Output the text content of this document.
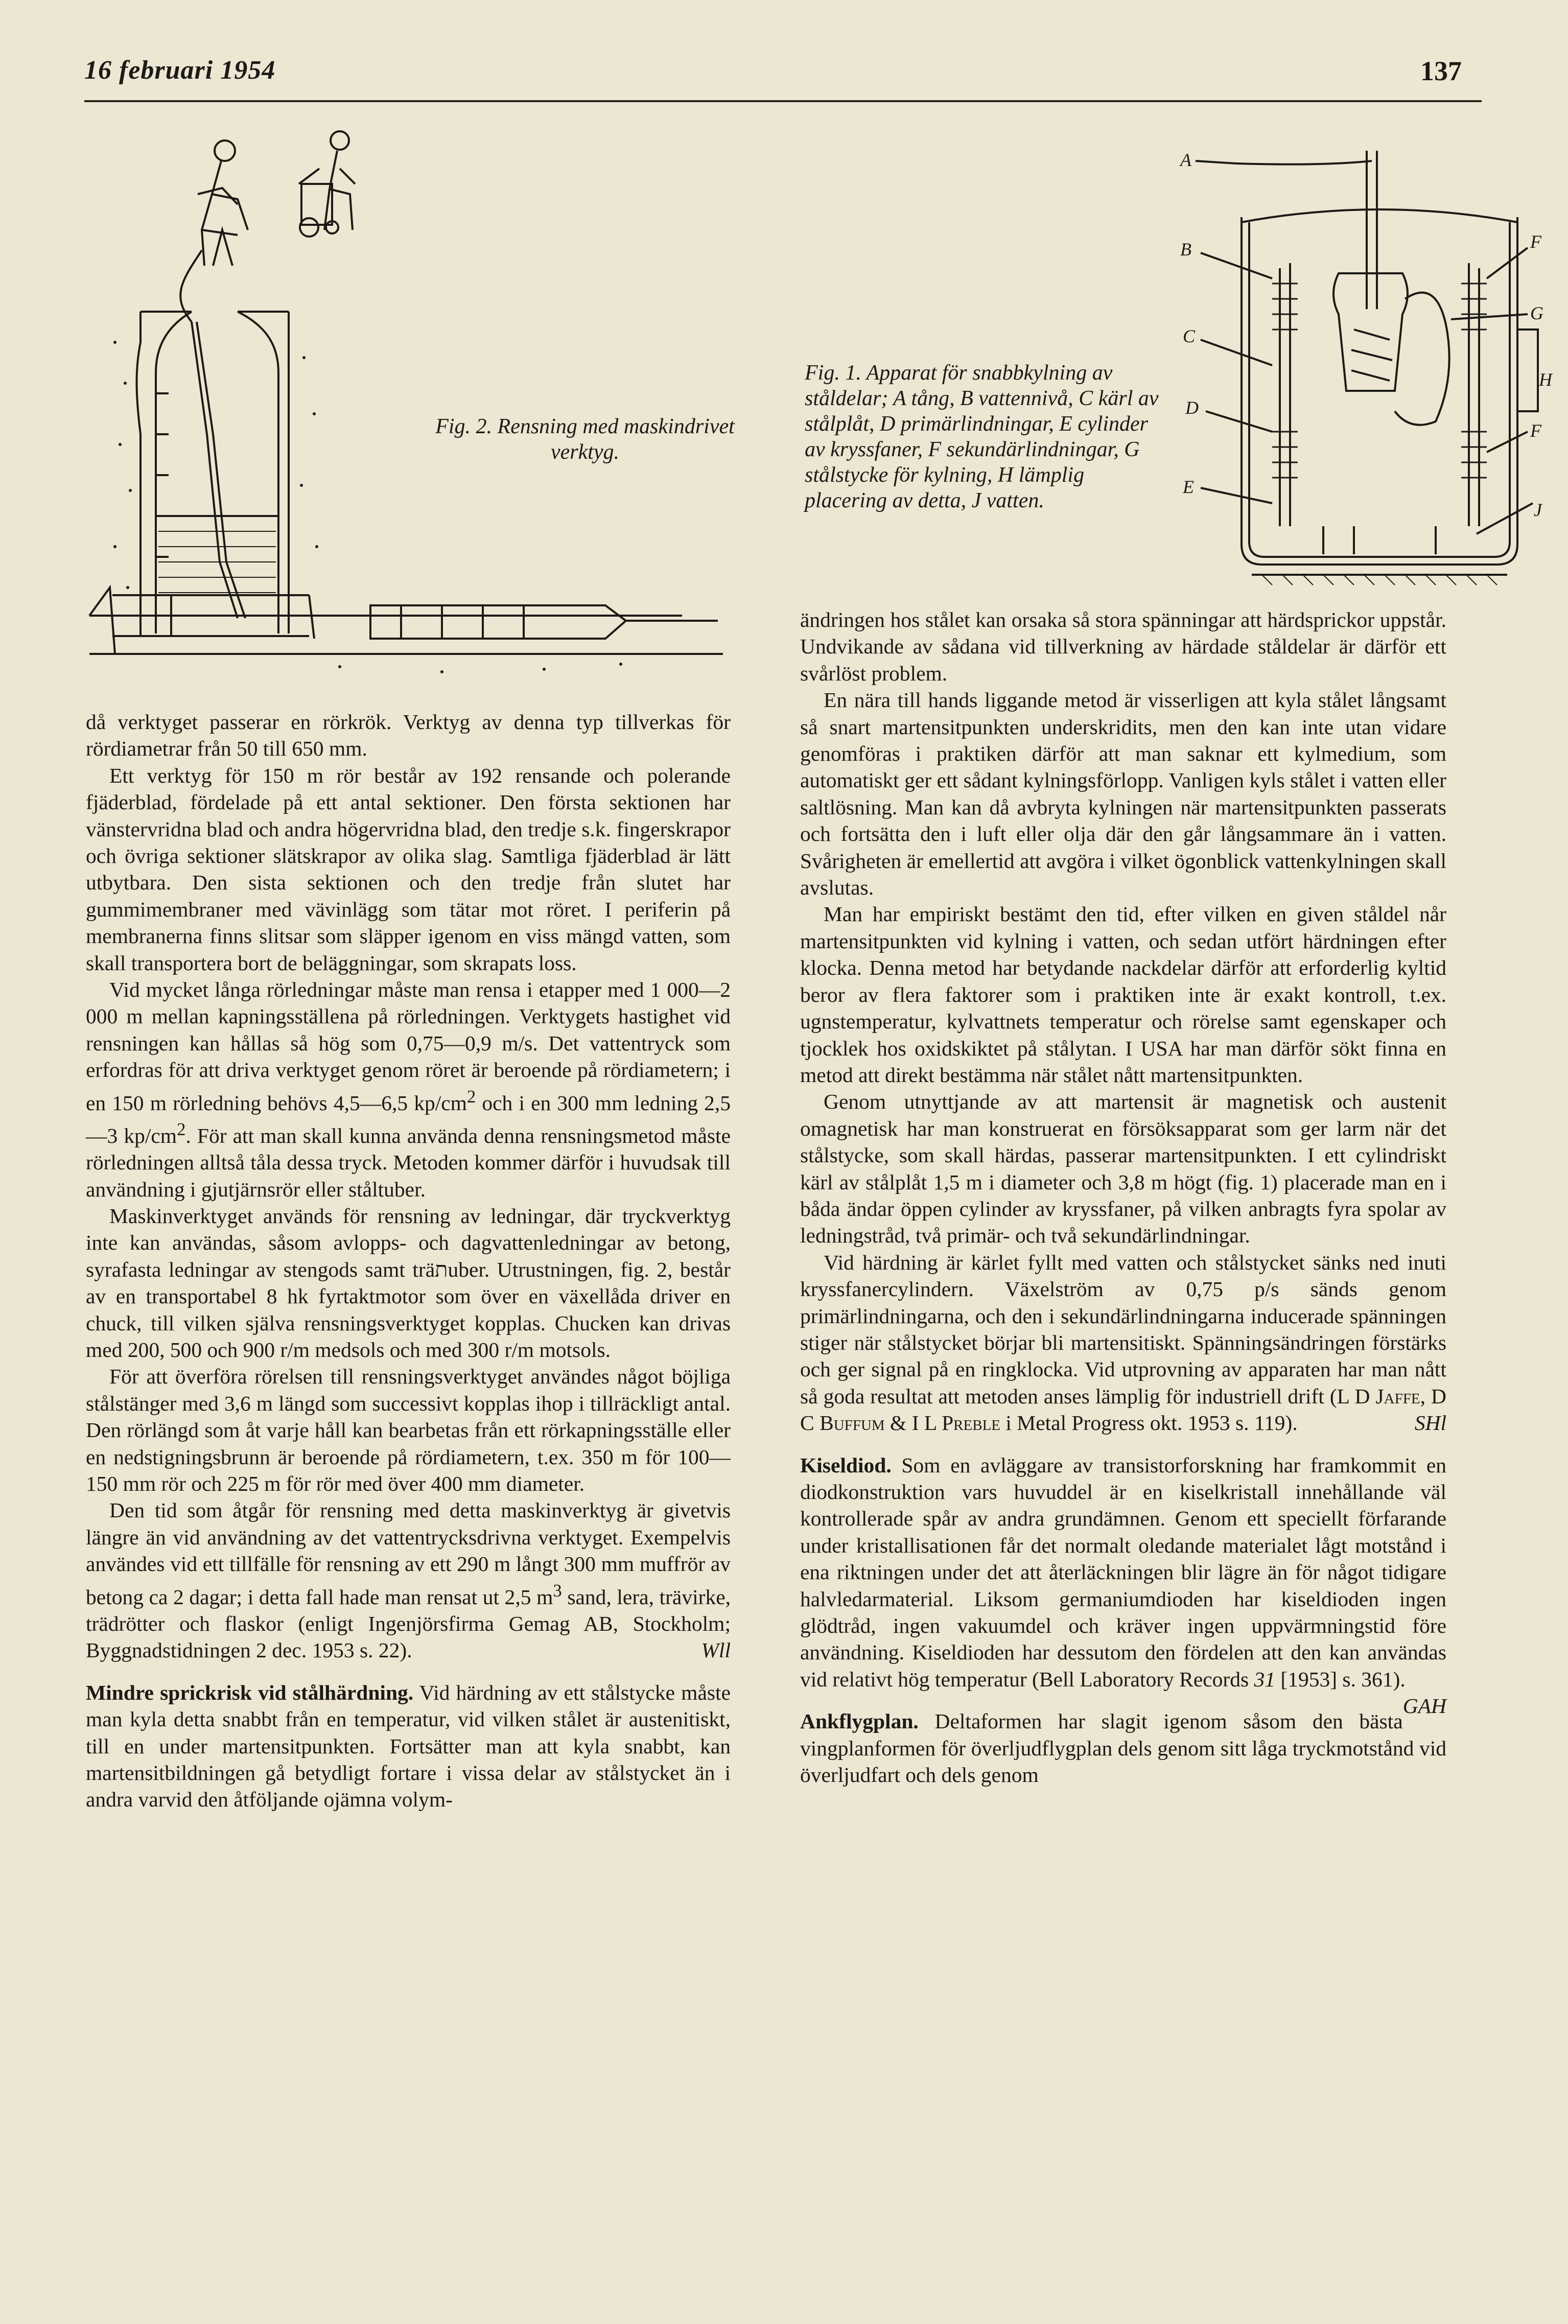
16 februari 1954	137
Fig. 2. Rensning med maskindrivet verktyg.
A
B
C
D
E
F
G
H
F
J
Fig. 1. Apparat för snabbkylning av ståldelar; A tång, B vattennivå, C kärl av stålplåt, D primärlindningar, E cylinder av kryssfaner, F sekundärlindningar, G stålstycke för kylning, H lämplig placering av detta, J vatten.

då verktyget passerar en rörkrök. Verktyg av denna typ tillverkas för rördiametrar från 50 till 650 mm.

Ett verktyg för 150 m rör består av 192 rensande och polerande fjäderblad, fördelade på ett antal sektioner. Den första sektionen har vänstervridna blad och andra högervridna blad, den tredje s.k. fingerskrapor och övriga sektioner slätskrapor av olika slag. Samtliga fjäderblad är lätt utbytbara. Den sista sektionen och den tredje från slutet har gummimembraner med vävinlägg som tätar mot röret. I periferin på membranerna finns slitsar som släpper igenom en viss mängd vatten, som skall transportera bort de beläggningar, som skrapats loss.

Vid mycket långa rörledningar måste man rensa i etapper med 1 000—2 000 m mellan kapningsställena på rörledningen. Verktygets hastighet vid rensningen kan hållas så hög som 0,75—0,9 m/s. Det vattentryck som erfordras för att driva verktyget genom röret är beroende på rördiametern; i en 150 m rörledning behövs 4,5—6,5 $kp/cm^2$ och i en 300 mm ledning 2,5—3 $kp/cm^2$. För att man skall kunna använda denna rensningsmetod måste rörledningen alltså tåla dessa tryck. Metoden kommer därför i huvudsak till användning i gjutjärnsrör eller ståltuber.

Maskinverktyget används för rensning av ledningar, där tryckverktyg inte kan användas, såsom avlopps- och dagvattenledningar av betong, syrafasta ledningar av stengods samt träתuber. Utrustningen, fig. 2, består av en transportabel 8 hk fyrtaktmotor som över en växellåda driver en chuck, till vilken själva rensningsverktyget kopplas. Chucken kan drivas med 200, 500 och 900 r/m medsols och med 300 r/m motsols.

För att överföra rörelsen till rensningsverktyget användes något böjliga stålstänger med 3,6 m längd som successivt kopplas ihop i tillräckligt antal. Den rörlängd som åt varje håll kan bearbetas från ett rörkapningsställe eller en nedstigningsbrunn är beroende på rördiametern, t.ex. 350 m för 100—150 mm rör och 225 m för rör med över 400 mm diameter.

Den tid som åtgår för rensning med detta maskinverktyg är givetvis längre än vid användning av det vattentrycksdrivna verktyget. Exempelvis användes vid ett tillfälle för rensning av ett 290 m långt 300 mm muffrör av betong ca 2 dagar; i detta fall hade man rensat ut 2,5 $m^3$ sand, lera, trävirke, trädrötter och flaskor (enligt Ingenjörsfirma Gemag AB, Stockholm; Byggnadstidningen 2 dec. 1953 s. 22).	Wll

Mindre sprickrisk vid stålhärdning. Vid härdning av ett stålstycke måste man kyla detta snabbt från en temperatur, vid vilken stålet är austenitiskt, till en under martensitpunkten. Fortsätter man att kyla snabbt, kan martensitbildningen gå betydligt fortare i vissa delar av stålstycket än i andra varvid den åtföljande ojämna volym-

ändringen hos stålet kan orsaka så stora spänningar att härdsprickor uppstår. Undvikande av sådana vid tillverkning av härdade ståldelar är därför ett svårlöst problem.

En nära till hands liggande metod är visserligen att kyla stålet långsamt så snart martensitpunkten underskridits, men den kan inte utan vidare genomföras i praktiken därför att man saknar ett kylmedium, som automatiskt ger ett sådant kylningsförlopp. Vanligen kyls stålet i vatten eller saltlösning. Man kan då avbryta kylningen när martensitpunkten passerats och fortsätta den i luft eller olja där den går långsammare än i vatten. Svårigheten är emellertid att avgöra i vilket ögonblick vattenkylningen skall avslutas.

Man har empiriskt bestämt den tid, efter vilken en given ståldel når martensitpunkten vid kylning i vatten, och sedan utfört härdningen efter klocka. Denna metod har betydande nackdelar därför att erforderlig kyltid beror av flera faktorer som i praktiken inte är exakt kontroll, t.ex. ugnstemperatur, kylvattnets temperatur och rörelse samt egenskaper och tjocklek hos oxidskiktet på stålytan. I USA har man därför sökt finna en metod att direkt bestämma när stålet nått martensitpunkten.

Genom utnyttjande av att martensit är magnetisk och austenit omagnetisk har man konstruerat en försöksapparat som ger larm när det stålstycke, som skall härdas, passerar martensitpunkten. I ett cylindriskt kärl av stålplåt 1,5 m i diameter och 3,8 m högt (fig. 1) placerade man en i båda ändar öppen cylinder av kryssfaner, på vilken anbragts fyra spolar av ledningstråd, två primär- och två sekundärlindningar.

Vid härdning är kärlet fyllt med vatten och stålstycket sänks ned inuti kryssfanercylindern. Växelström av 0,75 p/s sänds genom primärlindningarna, och den i sekundärlindningarna inducerade spänningen stiger när stålstycket börjar bli martensitiskt. Spänningsändringen förstärks och ger signal på en ringklocka. Vid utprovning av apparaten har man nått så goda resultat att metoden anses lämplig för industriell drift (L D Jaffe, D C Buffum & I L Preble i Metal Progress okt. 1953 s. 119).	SHl

Kiseldiod. Som en avläggare av transistorforskning har framkommit en diodkonstruktion vars huvuddel är en kiselkristall innehållande väl kontrollerade spår av andra grundämnen. Genom ett speciellt förfarande under kristallisationen får det normalt oledande materialet lågt motstånd i ena riktningen under det att återläckningen blir lägre än för något tidigare halvledarmaterial. Liksom germaniumdioden har kiseldioden ingen glödtråd, ingen vakuumdel och kräver ingen uppvärmningstid före användning. Kiseldioden har dessutom den fördelen att den kan användas vid relativt hög temperatur (Bell Laboratory Records 31 [1953] s. 361).
GAH

Ankflygplan. Deltaformen har slagit igenom såsom den bästa vingplanformen för överljudflygplan dels genom sitt låga tryckmotstånd vid överljudfart och dels genom
